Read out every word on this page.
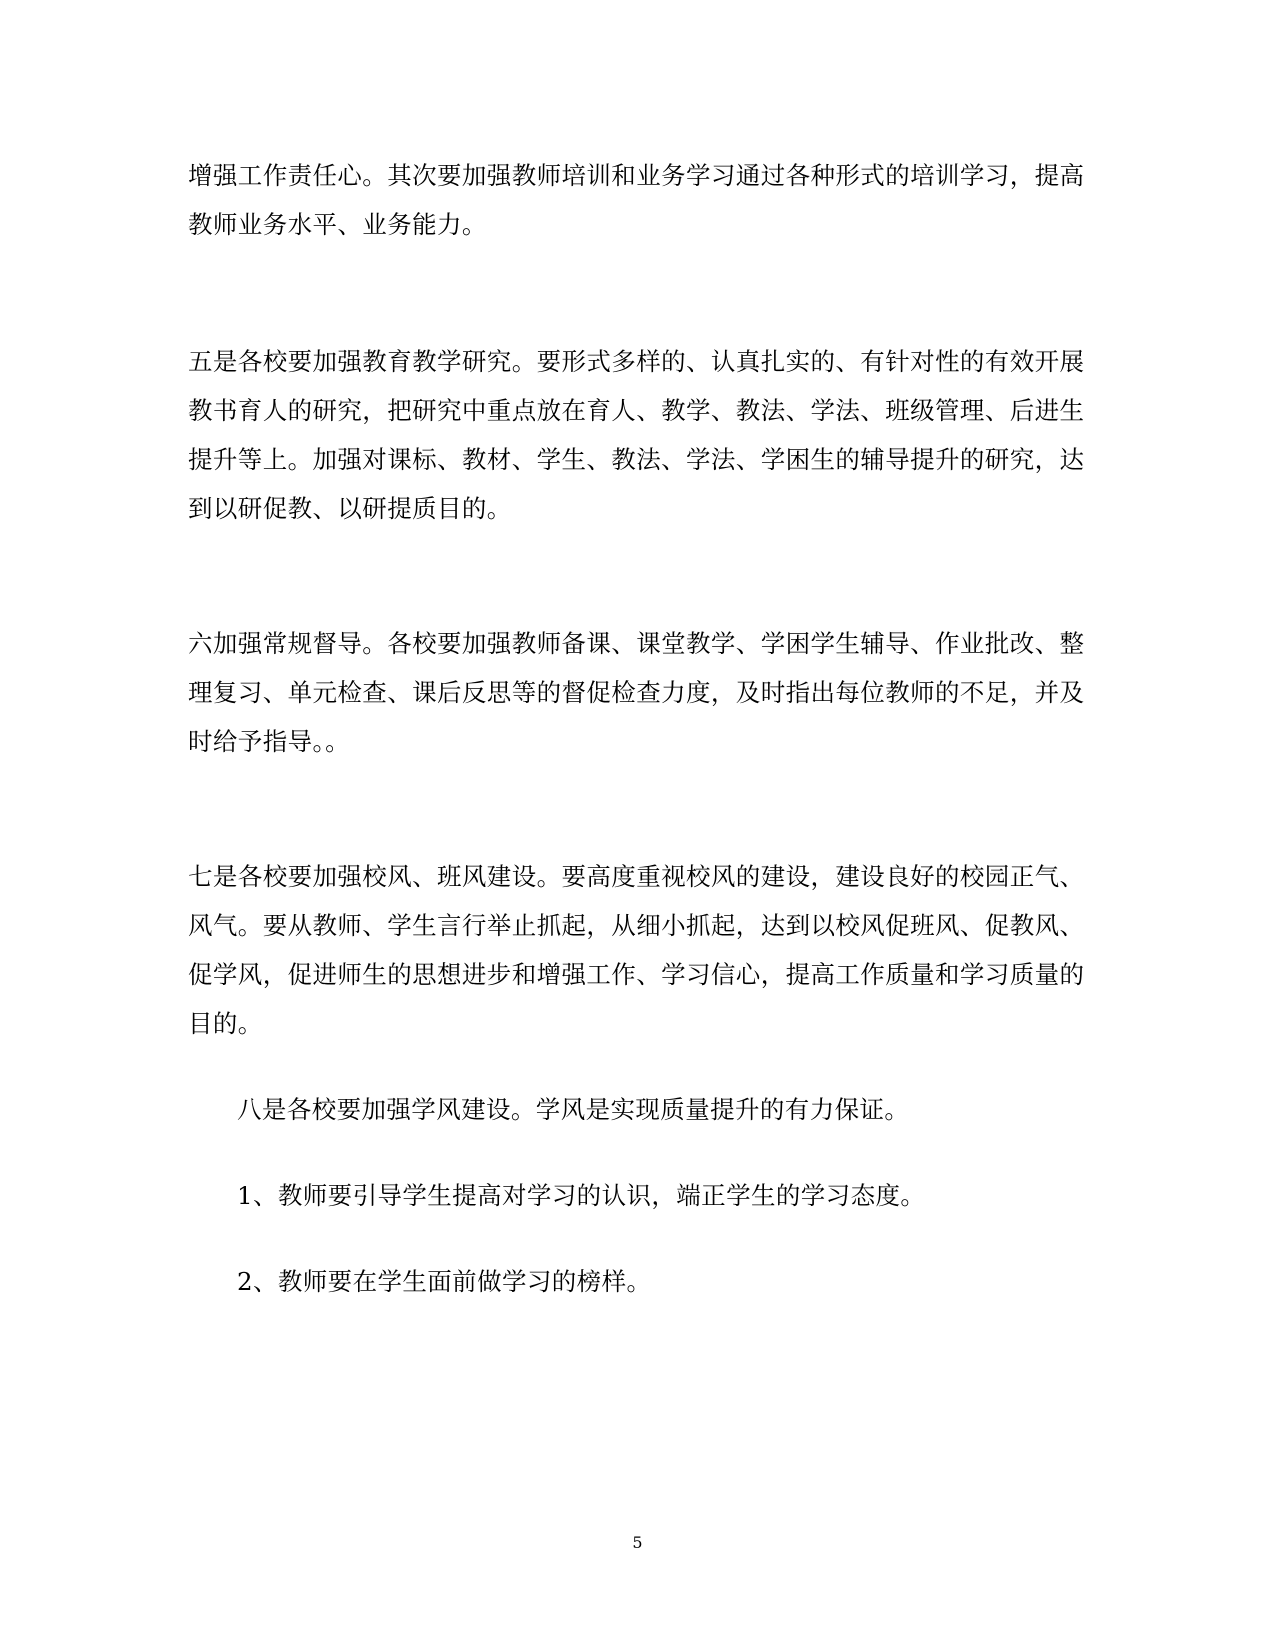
增强工作责任心。其次要加强教师培训和业务学习通过各种形式的培训学习，提高
教师业务水平、业务能力。

五是各校要加强教育教学研究。要形式多样的、认真扎实的、有针对性的有效开展
教书育人的研究，把研究中重点放在育人、教学、教法、学法、班级管理、后进生
提升等上。加强对课标、教材、学生、教法、学法、学困生的辅导提升的研究，达
到以研促教、以研提质目的。

六加强常规督导。各校要加强教师备课、课堂教学、学困学生辅导、作业批改、整
理复习、单元检查、课后反思等的督促检查力度，及时指出每位教师的不足，并及
时给予指导。。

七是各校要加强校风、班风建设。要高度重视校风的建设，建设良好的校园正气、
风气。要从教师、学生言行举止抓起，从细小抓起，达到以校风促班风、促教风、
促学风，促进师生的思想进步和增强工作、学习信心，提高工作质量和学习质量的
目的。

八是各校要加强学风建设。学风是实现质量提升的有力保证。

1、教师要引导学生提高对学习的认识，端正学生的学习态度。

2、教师要在学生面前做学习的榜样。

5
